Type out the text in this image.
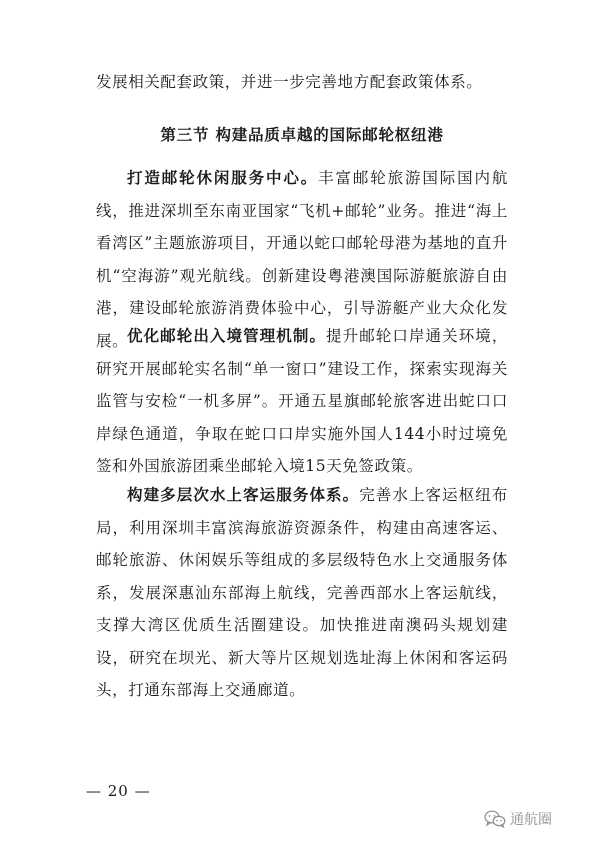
发展相关配套政策，并进一步完善地方配套政策体系。
第三节 构建品质卓越的国际邮轮枢纽港

打造邮轮休闲服务中心。丰富邮轮旅游国际国内航线，推进深圳至东南亚国家“飞机+邮轮”业务。推进“海上看湾区”主题旅游项目，开通以蛇口邮轮母港为基地的直升机“空海游”观光航线。创新建设粤港澳国际游艇旅游自由港，建设邮轮旅游消费体验中心，引导游艇产业大众化发展。

优化邮轮出入境管理机制。提升邮轮口岸通关环境，研究开展邮轮实名制“单一窗口”建设工作，探索实现海关监管与安检“一机多屏”。开通五星旗邮轮旅客进出蛇口口岸绿色通道，争取在蛇口口岸实施外国人144小时过境免签和外国旅游团乘坐邮轮入境15天免签政策。

构建多层次水上客运服务体系。完善水上客运枢纽布局，利用深圳丰富滨海旅游资源条件，构建由高速客运、邮轮旅游、休闲娱乐等组成的多层级特色水上交通服务体系，发展深惠汕东部海上航线，完善西部水上客运航线，支撑大湾区优质生活圈建设。加快推进南澳码头规划建设，研究在坝光、新大等片区规划选址海上休闲和客运码头，打通东部海上交通廊道。

— 20 —
通航圈
